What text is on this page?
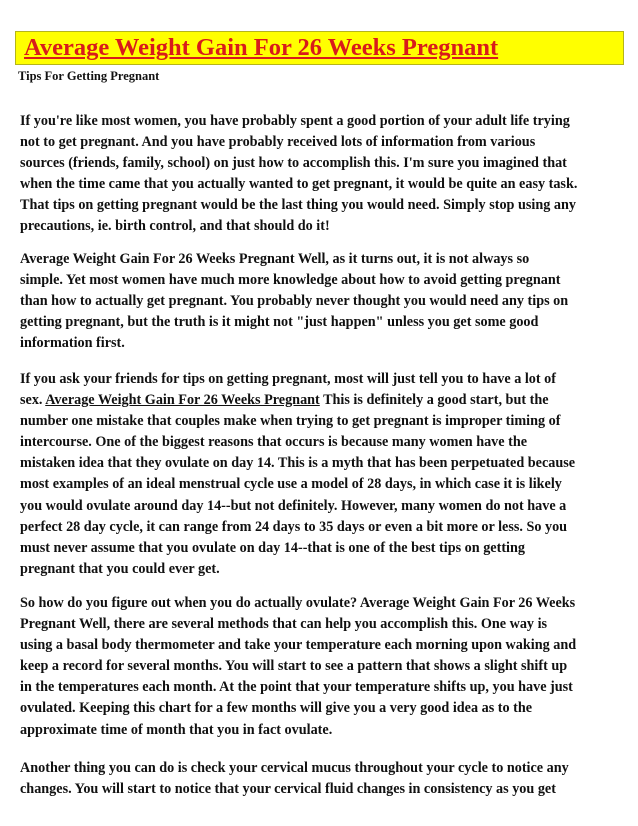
Average Weight Gain For 26 Weeks Pregnant
Tips For Getting Pregnant

If you're like most women, you have probably spent a good portion of your adult life trying
not to get pregnant. And you have probably received lots of information from various
sources (friends, family, school) on just how to accomplish this. I'm sure you imagined that
when the time came that you actually wanted to get pregnant, it would be quite an easy task.
That tips on getting pregnant would be the last thing you would need. Simply stop using any
precautions, ie. birth control, and that should do it!

Average Weight Gain For 26 Weeks Pregnant Well, as it turns out, it is not always so
simple. Yet most women have much more knowledge about how to avoid getting pregnant
than how to actually get pregnant. You probably never thought you would need any tips on
getting pregnant, but the truth is it might not "just happen" unless you get some good
information first.

If you ask your friends for tips on getting pregnant, most will just tell you to have a lot of
sex. Average Weight Gain For 26 Weeks Pregnant This is definitely a good start, but the
number one mistake that couples make when trying to get pregnant is improper timing of
intercourse. One of the biggest reasons that occurs is because many women have the
mistaken idea that they ovulate on day 14. This is a myth that has been perpetuated because
most examples of an ideal menstrual cycle use a model of 28 days, in which case it is likely
you would ovulate around day 14--but not definitely. However, many women do not have a
perfect 28 day cycle, it can range from 24 days to 35 days or even a bit more or less. So you
must never assume that you ovulate on day 14--that is one of the best tips on getting
pregnant that you could ever get.

So how do you figure out when you do actually ovulate? Average Weight Gain For 26 Weeks
Pregnant Well, there are several methods that can help you accomplish this. One way is
using a basal body thermometer and take your temperature each morning upon waking and
keep a record for several months. You will start to see a pattern that shows a slight shift up
in the temperatures each month. At the point that your temperature shifts up, you have just
ovulated. Keeping this chart for a few months will give you a very good idea as to the
approximate time of month that you in fact ovulate.

Another thing you can do is check your cervical mucus throughout your cycle to notice any
changes. You will start to notice that your cervical fluid changes in consistency as you get
